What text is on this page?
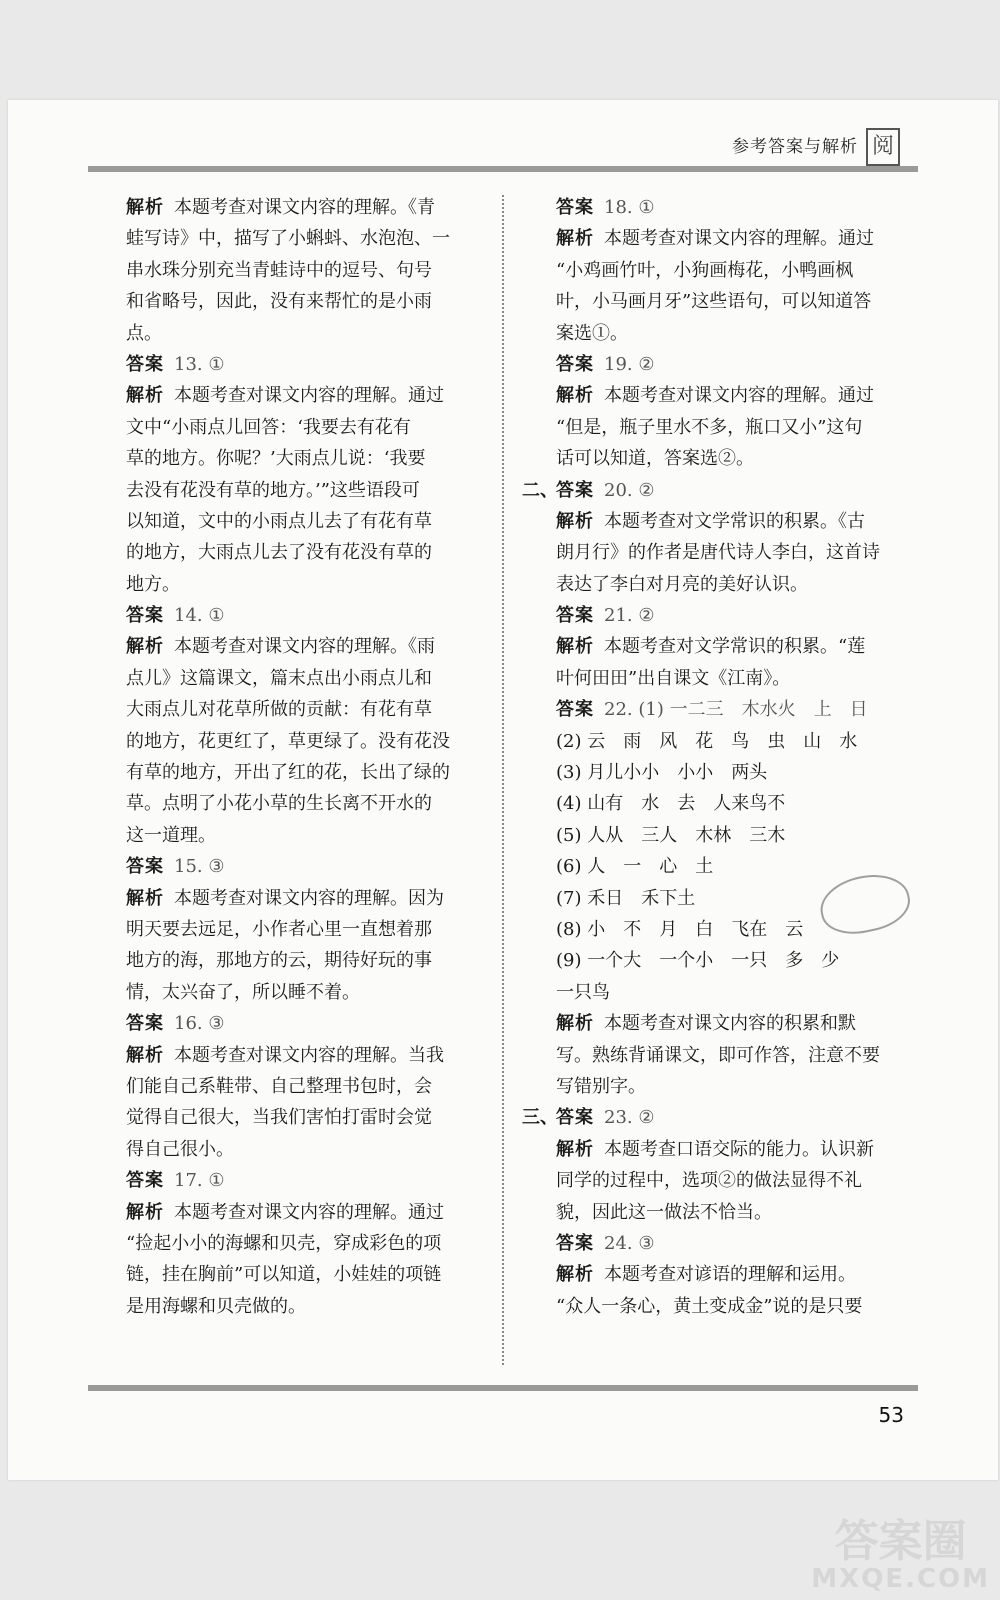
参考答案与解析 阅
解析 本题考查对课文内容的理解。《青
蛙写诗》中，描写了小蝌蚪、水泡泡、一
串水珠分别充当青蛙诗中的逗号、句号
和省略号，因此，没有来帮忙的是小雨
点。
答案 13. ①
解析 本题考查对课文内容的理解。通过
文中“小雨点儿回答：‘我要去有花有
草的地方。你呢？’大雨点儿说：‘我要
去没有花没有草的地方。’”这些语段可
以知道，文中的小雨点儿去了有花有草
的地方，大雨点儿去了没有花没有草的
地方。
答案 14. ①
解析 本题考查对课文内容的理解。《雨
点儿》这篇课文，篇末点出小雨点儿和
大雨点儿对花草所做的贡献：有花有草
的地方，花更红了，草更绿了。没有花没
有草的地方，开出了红的花，长出了绿的
草。点明了小花小草的生长离不开水的
这一道理。
答案 15. ③
解析 本题考查对课文内容的理解。因为
明天要去远足，小作者心里一直想着那
地方的海，那地方的云，期待好玩的事
情，太兴奋了，所以睡不着。
答案 16. ③
解析 本题考查对课文内容的理解。当我
们能自己系鞋带、自己整理书包时，会
觉得自己很大，当我们害怕打雷时会觉
得自己很小。
答案 17. ①
解析 本题考查对课文内容的理解。通过
“捡起小小的海螺和贝壳，穿成彩色的项
链，挂在胸前”可以知道，小娃娃的项链
是用海螺和贝壳做的。
答案 18. ①
解析 本题考查对课文内容的理解。通过
“小鸡画竹叶，小狗画梅花，小鸭画枫
叶，小马画月牙”这些语句，可以知道答
案选①。
答案 19. ②
解析 本题考查对课文内容的理解。通过
“但是，瓶子里水不多，瓶口又小”这句
话可以知道，答案选②。
二、
答案 20. ②
解析 本题考查对文学常识的积累。《古
朗月行》的作者是唐代诗人李白，这首诗
表达了李白对月亮的美好认识。
答案 21. ②
解析 本题考查对文学常识的积累。“莲
叶何田田”出自课文《江南》。
答案 22. (1) 一二三　木水火　上　日
(2) 云　雨　风　花　鸟　虫　山　水
(3) 月儿小小　小小　两头
(4) 山有　水　去　人来鸟不
(5) 人从　三人　木林　三木
(6) 人　一　心　土
(7) 禾日　禾下土
(8) 小　不　月　白　飞在　云
(9) 一个大　一个小　一只　多　少
一只鸟
解析 本题考查对课文内容的积累和默
写。熟练背诵课文，即可作答，注意不要
写错别字。
三、
答案 23. ②
解析 本题考查口语交际的能力。认识新
同学的过程中，选项②的做法显得不礼
貌，因此这一做法不恰当。
答案 24. ③
解析 本题考查对谚语的理解和运用。
“众人一条心，黄土变成金”说的是只要
53
答案圈
MXQE.COM
